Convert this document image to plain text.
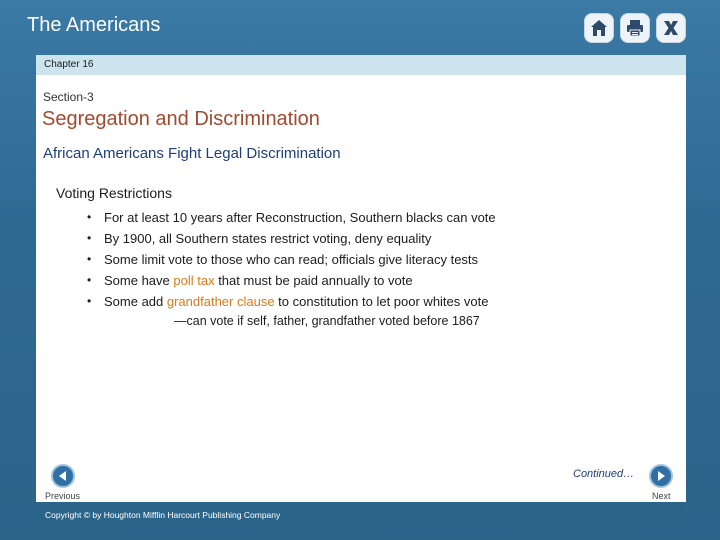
The Americans
Chapter 16
Section-3
Segregation and Discrimination
African Americans Fight Legal Discrimination
Voting Restrictions
• For at least 10 years after Reconstruction, Southern blacks can vote
• By 1900, all Southern states restrict voting, deny equality
• Some limit vote to those who can read; officials give literacy tests
• Some have poll tax that must be paid annually to vote
• Some add grandfather clause to constitution to let poor whites vote
—can vote if self, father, grandfather voted before 1867
Continued…
Previous	Next
Copyright © by Houghton Mifflin Harcourt Publishing Company
